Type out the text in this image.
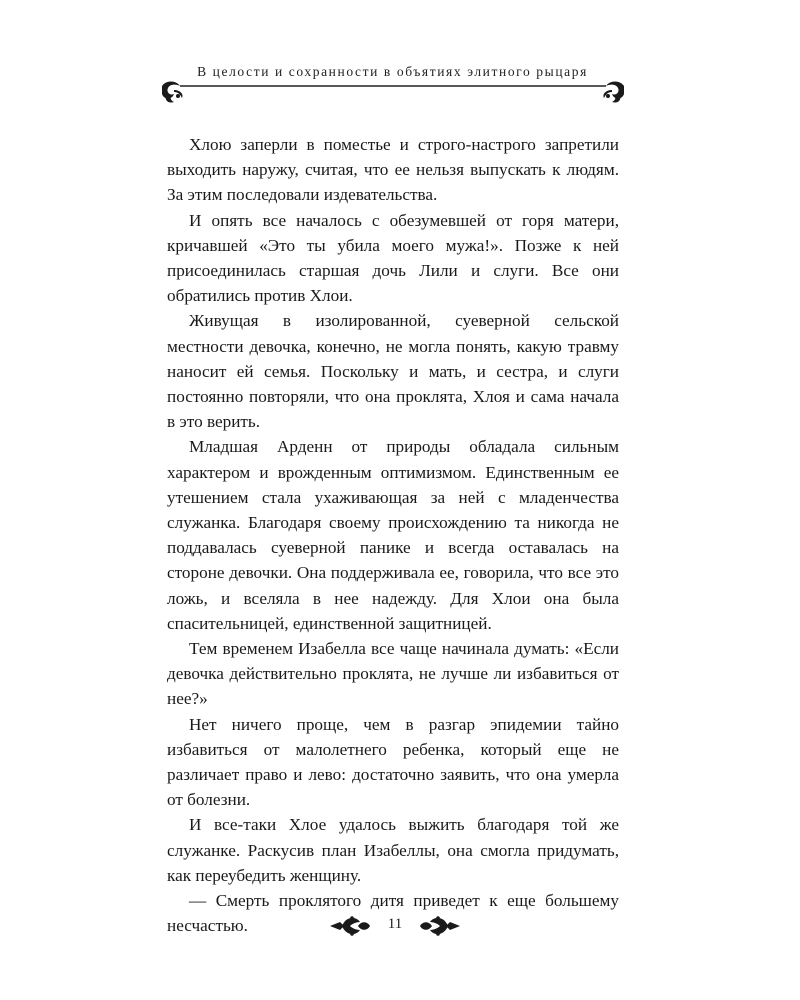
В целости и сохранности в объятиях элитного рыцаря

Хлою заперли в поместье и строго-настрого запретили выходить наружу, считая, что ее нельзя выпускать к людям. За этим последовали издевательства.

И опять все началось с обезумевшей от горя матери, кричавшей «Это ты убила моего мужа!». Позже к ней присоединилась старшая дочь Лили и слуги. Все они обратились против Хлои.

Живущая в изолированной, суеверной сельской местности девочка, конечно, не могла понять, какую травму наносит ей семья. Поскольку и мать, и сестра, и слуги постоянно повторяли, что она проклята, Хлоя и сама начала в это верить.

Младшая Арденн от природы обладала сильным характером и врожденным оптимизмом. Единственным ее утешением стала ухаживающая за ней с младенчества служанка. Благодаря своему происхождению та никогда не поддавалась суеверной панике и всегда оставалась на стороне девочки. Она поддерживала ее, говорила, что все это ложь, и вселяла в нее надежду. Для Хлои она была спасительницей, единственной защитницей.

Тем временем Изабелла все чаще начинала думать: «Если девочка действительно проклята, не лучше ли избавиться от нее?»

Нет ничего проще, чем в разгар эпидемии тайно избавиться от малолетнего ребенка, который еще не различает право и лево: достаточно заявить, что она умерла от болезни.

И все-таки Хлое удалось выжить благодаря той же служанке. Раскусив план Изабеллы, она смогла придумать, как переубедить женщину.

— Смерть проклятого дитя приведет к еще большему несчастью.	11
